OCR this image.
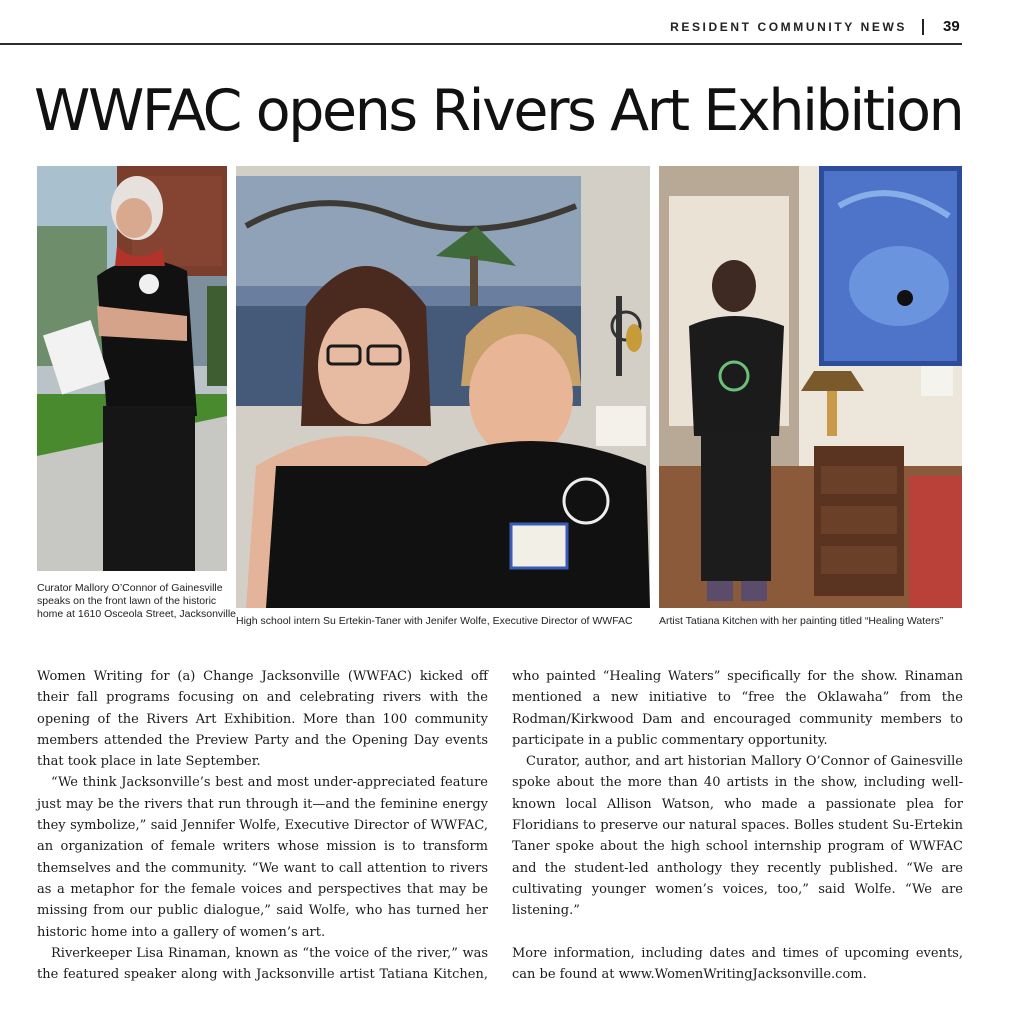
RESIDENT COMMUNITY NEWS 39
WWFAC opens Rivers Art Exhibition
Curator Mallory O’Connor of Gainesville speaks on the front lawn of the historic home at 1610 Osceola Street, Jacksonville
High school intern Su Ertekin-Taner with Jenifer Wolfe, Executive Director of WWFAC	Artist Tatiana Kitchen with her painting titled “Healing Waters”

Women Writing for (a) Change Jacksonville (WWFAC) kicked off their fall programs focusing on and celebrating rivers with the opening of the Rivers Art Exhibition. More than 100 community members attended the Preview Party and the Opening Day events that took place in late September.

“We think Jacksonville’s best and most under-appreciated feature just may be the rivers that run through it—and the feminine energy they symbolize,” said Jennifer Wolfe, Executive Director of WWFAC, an organization of female writers whose mission is to transform themselves and the community. “We want to call attention to rivers as a metaphor for the female voices and perspectives that may be missing from our public dialogue,” said Wolfe, who has turned her historic home into a gallery of women’s art.

Riverkeeper Lisa Rinaman, known as “the voice of the river,” was the featured speaker along with Jacksonville artist Tatiana Kitchen, who painted “Healing Waters” specifically for the show. Rinaman mentioned a new initiative to “free the Oklawaha” from the Rodman/Kirkwood Dam and encouraged community members to participate in a public commentary opportunity.

Curator, author, and art historian Mallory O’Connor of Gainesville spoke about the more than 40 artists in the show, including well-known local Allison Watson, who made a passionate plea for Floridians to preserve our natural spaces. Bolles student Su-Ertekin Taner spoke about the high school internship program of WWFAC and the student-led anthology they recently published. “We are cultivating younger women’s voices, too,” said Wolfe. “We are listening.”

More information, including dates and times of upcoming events, can be found at www.WomenWritingJacksonville.com.
